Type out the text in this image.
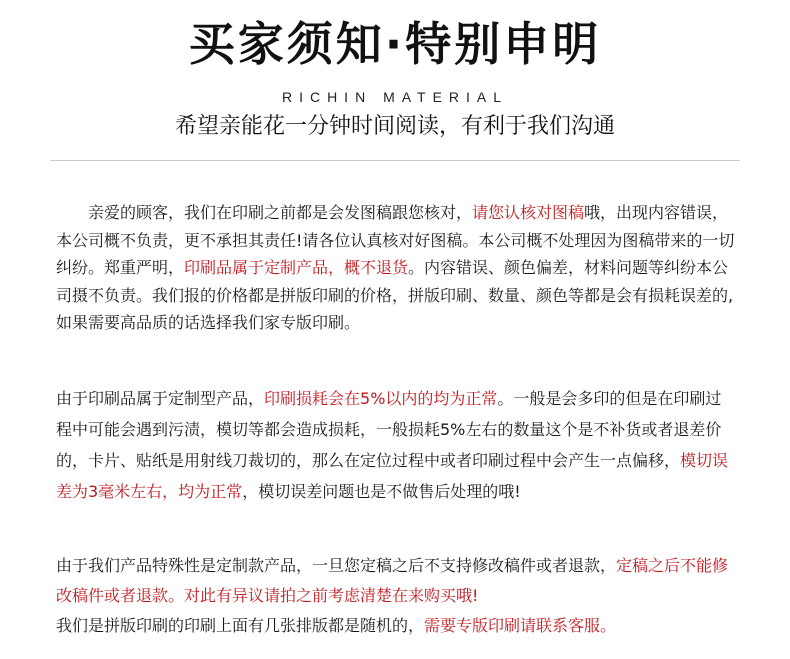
买家须知·特别申明
RICHIN MATERIAL
希望亲能花一分钟时间阅读，有利于我们沟通
亲爱的顾客，我们在印刷之前都是会发图稿跟您核对，请您认核对图稿哦，出现内容错误，本公司概不负责，更不承担其责任!请各位认真核对好图稿。本公司概不处理因为图稿带来的一切纠纷。郑重严明，印刷品属于定制产品，概不退货。内容错误、颜色偏差，材料问题等纠纷本公司摄不负责。我们报的价格都是拼版印刷的价格，拼版印刷、数量、颜色等都是会有损耗误差的,如果需要高品质的话选择我们家专版印刷。
由于印刷品属于定制型产品，印刷损耗会在5%以内的均为正常。一般是会多印的但是在印刷过程中可能会遇到污渍，模切等都会造成损耗，一般损耗5%左右的数量这个是不补货或者退差价的，卡片、贴纸是用射线刀裁切的，那么在定位过程中或者印刷过程中会产生一点偏移，模切误差为3毫米左右，均为正常，模切误差问题也是不做售后处理的哦!
由于我们产品特殊性是定制款产品，一旦您定稿之后不支持修改稿件或者退款，定稿之后不能修改稿件或者退款。对此有异议请拍之前考虑清楚在来购买哦!
我们是拼版印刷的印刷上面有几张排版都是随机的，需要专版印刷请联系客服。
